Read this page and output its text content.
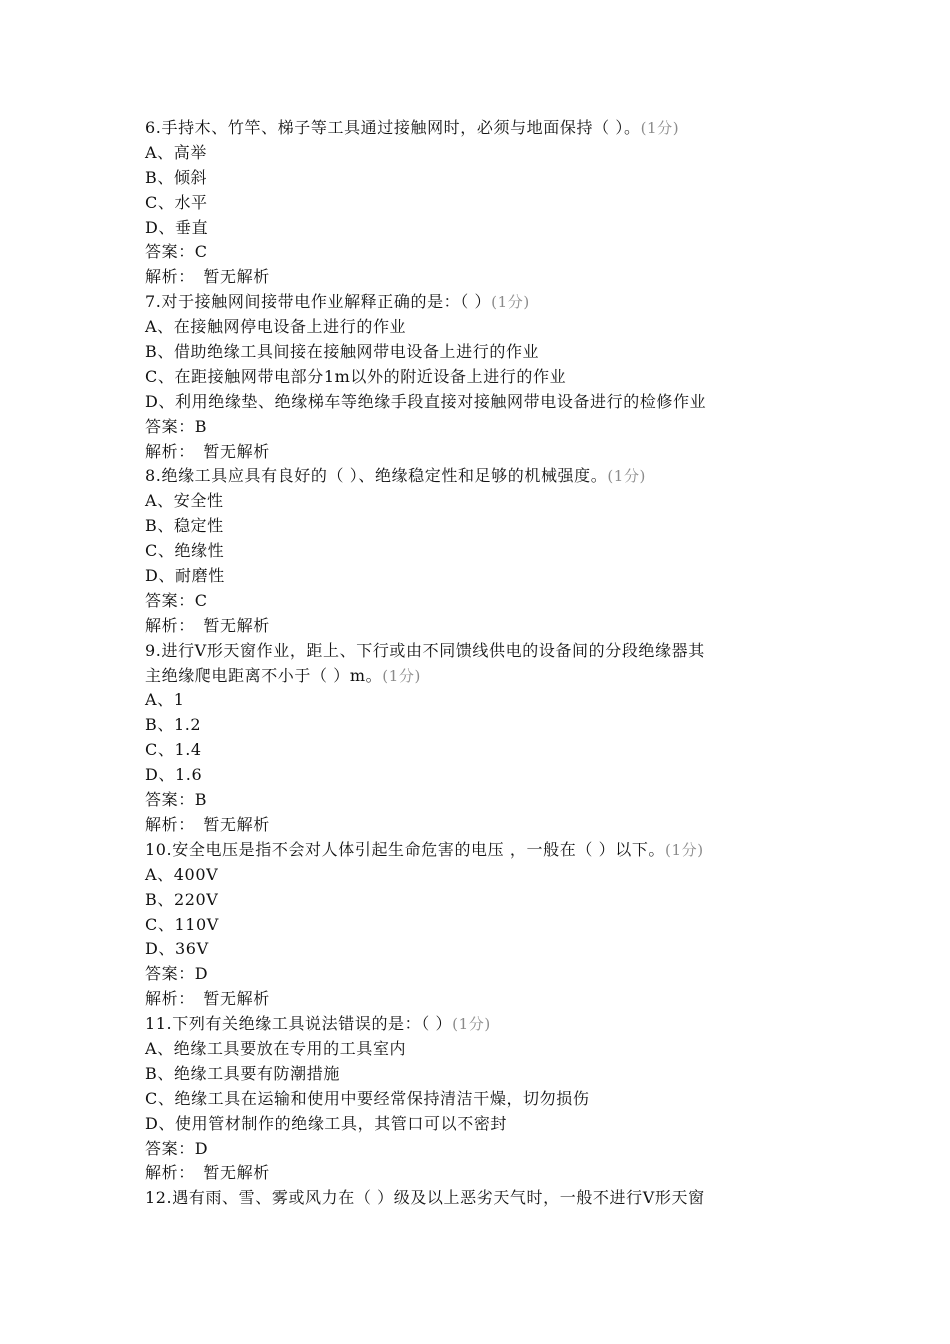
6.手持木、竹竿、梯子等工具通过接触网时，必须与地面保持（ ）。(1分)
A、高举
B、倾斜
C、水平
D、垂直
答案：C
解析：　暂无解析
7.对于接触网间接带电作业解释正确的是：（ ）(1分)
A、在接触网停电设备上进行的作业
B、借助绝缘工具间接在接触网带电设备上进行的作业
C、在距接触网带电部分1m以外的附近设备上进行的作业
D、利用绝缘垫、绝缘梯车等绝缘手段直接对接触网带电设备进行的检修作业
答案：B
解析：　暂无解析
8.绝缘工具应具有良好的（ ）、绝缘稳定性和足够的机械强度。(1分)
A、安全性
B、稳定性
C、绝缘性
D、耐磨性
答案：C
解析：　暂无解析
9.进行V形天窗作业，距上、下行或由不同馈线供电的设备间的分段绝缘器其
主绝缘爬电距离不小于（ ）m。(1分)
A、1
B、1.2
C、1.4
D、1.6
答案：B
解析：　暂无解析
10.安全电压是指不会对人体引起生命危害的电压 ，一般在（ ）以下。(1分)
A、400V
B、220V
C、110V
D、36V
答案：D
解析：　暂无解析
11.下列有关绝缘工具说法错误的是：（ ）(1分)
A、绝缘工具要放在专用的工具室内
B、绝缘工具要有防潮措施
C、绝缘工具在运输和使用中要经常保持清洁干燥，切勿损伤
D、使用管材制作的绝缘工具，其管口可以不密封
答案：D
解析：　暂无解析
12.遇有雨、雪、雾或风力在（ ）级及以上恶劣天气时，一般不进行V形天窗
